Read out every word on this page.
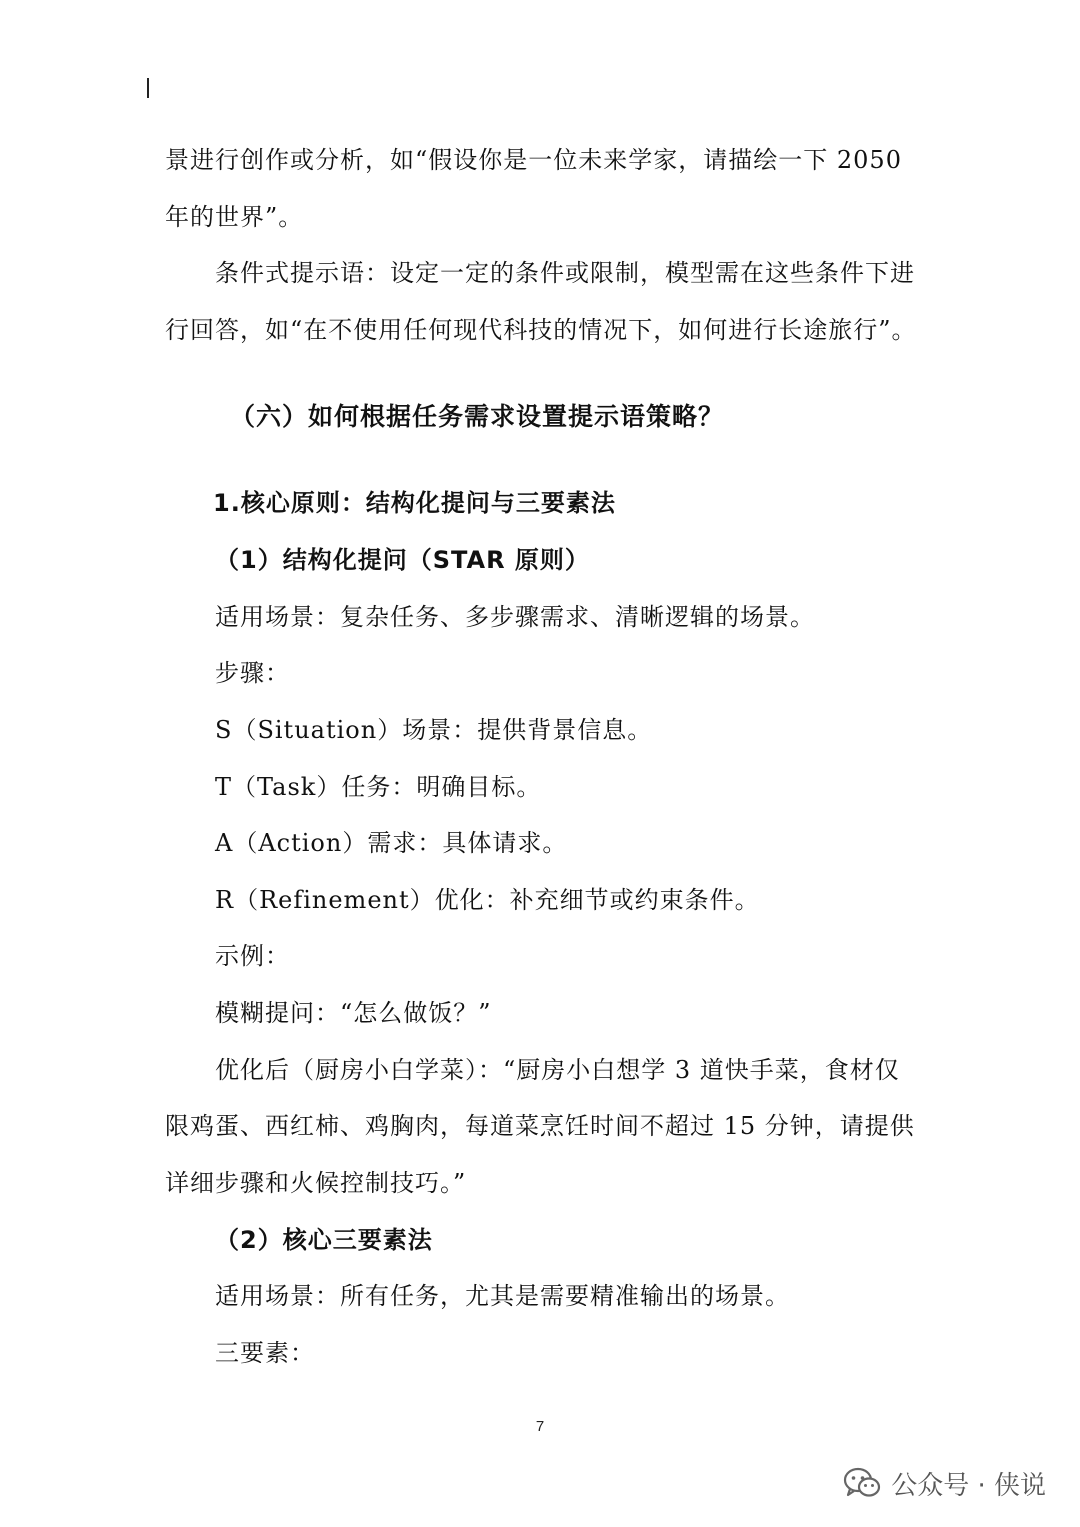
景进行创作或分析，如“假设你是一位未来学家，请描绘一下 2050
年的世界”。
条件式提示语：设定一定的条件或限制，模型需在这些条件下进
行回答，如“在不使用任何现代科技的情况下，如何进行长途旅行”。
（六）如何根据任务需求设置提示语策略？
1.核心原则：结构化提问与三要素法
（1）结构化提问（STAR 原则）
适用场景：复杂任务、多步骤需求、清晰逻辑的场景。
步骤：
S（Situation）场景：提供背景信息。
T（Task）任务：明确目标。
A（Action）需求：具体请求。
R（Refinement）优化：补充细节或约束条件。
示例：
模糊提问：“怎么做饭？”
优化后（厨房小白学菜）：“厨房小白想学 3 道快手菜，食材仅
限鸡蛋、西红柿、鸡胸肉，每道菜烹饪时间不超过 15 分钟，请提供
详细步骤和火候控制技巧。”
（2）核心三要素法
适用场景：所有任务，尤其是需要精准输出的场景。
三要素：
7
公众号 · 侠说
